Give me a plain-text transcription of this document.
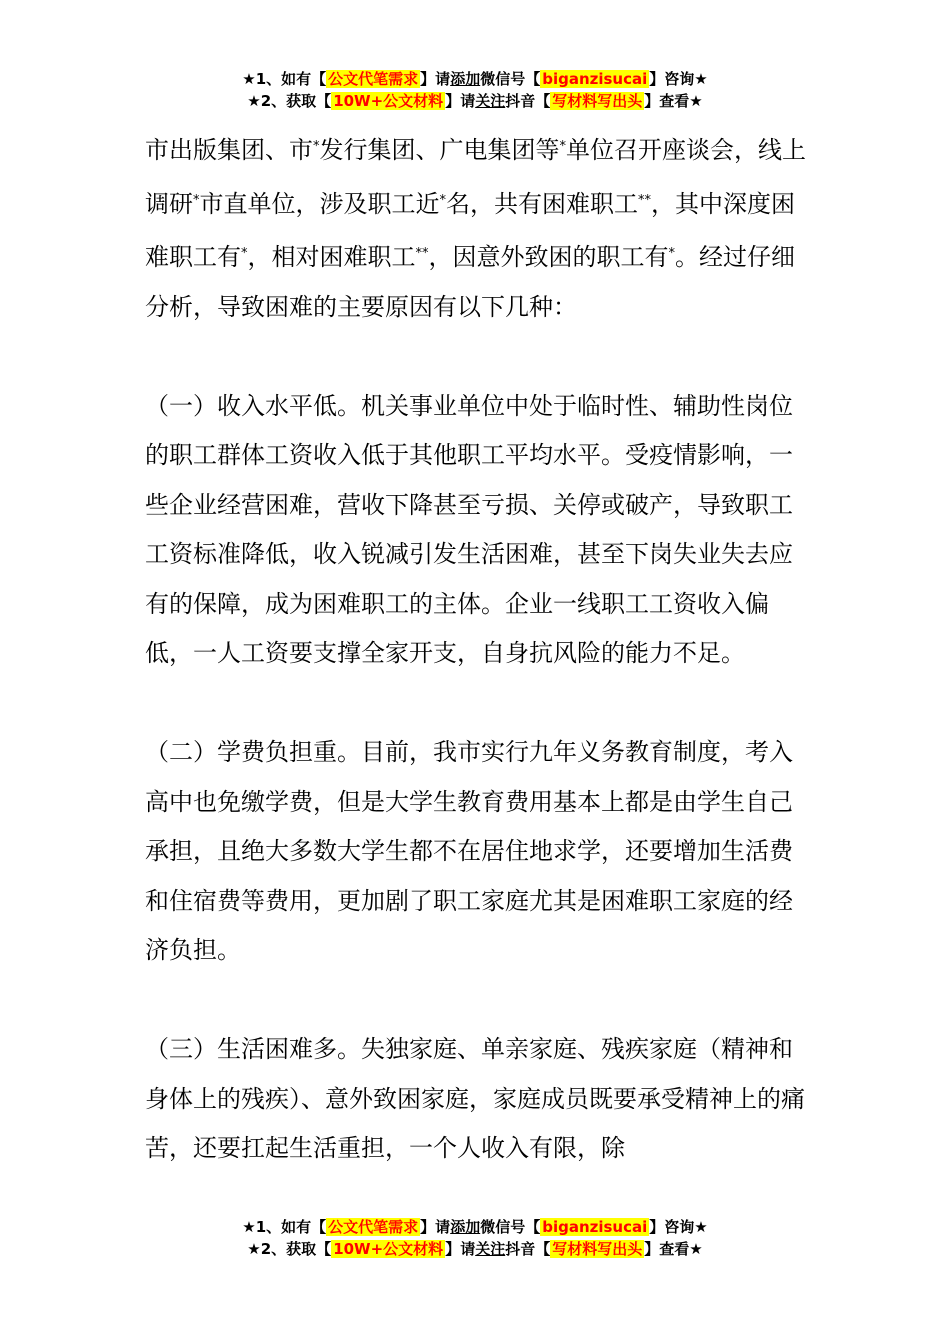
★1、如有【 公文代笔需求 】请添加微信号【 biganzisucai 】咨询★
★2、获取【 10W+公文材料 】请关注抖音【 写材料写出头 】查看★

市出版集团、市*发行集团、广电集团等*单位召开座谈会，线上调研*市直单位，涉及职工近*名，共有困难职工**，其中深度困难职工有*，相对困难职工**，因意外致困的职工有*。经过仔细分析，导致困难的主要原因有以下几种：

（一）收入水平低。机关事业单位中处于临时性、辅助性岗位的职工群体工资收入低于其他职工平均水平。受疫情影响，一些企业经营困难，营收下降甚至亏损、关停或破产，导致职工工资标准降低，收入锐减引发生活困难，甚至下岗失业失去应有的保障，成为困难职工的主体。企业一线职工工资收入偏低，一人工资要支撑全家开支，自身抗风险的能力不足。

（二）学费负担重。目前，我市实行九年义务教育制度，考入高中也免缴学费，但是大学生教育费用基本上都是由学生自己承担，且绝大多数大学生都不在居住地求学，还要增加生活费和住宿费等费用，更加剧了职工家庭尤其是困难职工家庭的经济负担。

（三）生活困难多。失独家庭、单亲家庭、残疾家庭（精神和身体上的残疾）、意外致困家庭，家庭成员既要承受精神上的痛苦，还要扛起生活重担，一个人收入有限，除

★1、如有【 公文代笔需求 】请添加微信号【 biganzisucai 】咨询★
★2、获取【 10W+公文材料 】请关注抖音【 写材料写出头 】查看★
